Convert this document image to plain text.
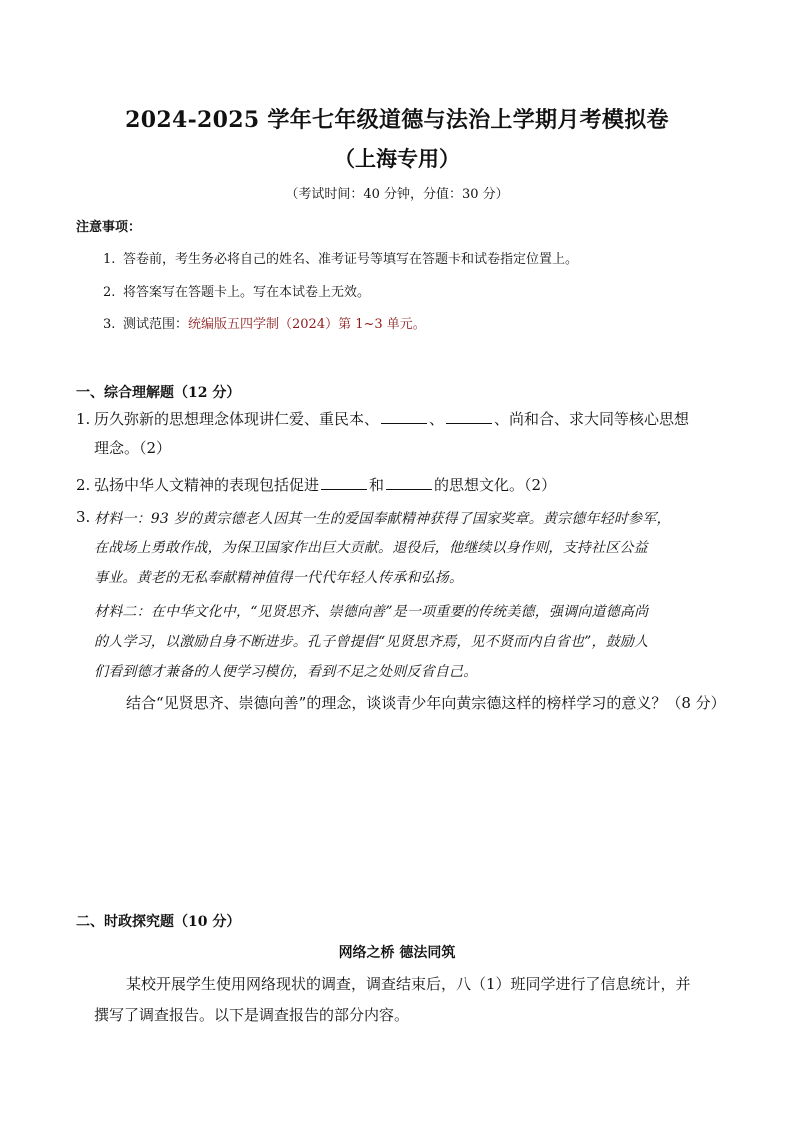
2024-2025 学年七年级道德与法治上学期月考模拟卷
（上海专用）
（考试时间：40 分钟，分值：30 分）
注意事项：
1. 答卷前，考生务必将自己的姓名、准考证号等填写在答题卡和试卷指定位置上。
2. 将答案写在答题卡上。写在本试卷上无效。
3. 测试范围：统编版五四学制（2024）第 1~3 单元。
一、综合理解题（12 分）
1. 历久弥新的思想理念体现讲仁爱、重民本、	、	、尚和合、求大同等核心思想
理念。（2）
2. 弘扬中华人文精神的表现包括促进	和	的思想文化。（2）
3. 材料一：93 岁的黄宗德老人因其一生的爱国奉献精神获得了国家奖章。黄宗德年轻时参军，
在战场上勇敢作战，为保卫国家作出巨大贡献。退役后，他继续以身作则，支持社区公益
事业。黄老的无私奉献精神值得一代代年轻人传承和弘扬。
材料二：在中华文化中，“见贤思齐、崇德向善”是一项重要的传统美德，强调向道德高尚
的人学习，以激励自身不断进步。孔子曾提倡“见贤思齐焉，见不贤而内自省也”，鼓励人
们看到德才兼备的人便学习模仿，看到不足之处则反省自己。
结合“见贤思齐、崇德向善”的理念，谈谈青少年向黄宗德这样的榜样学习的意义？（8 分）
二、时政探究题（10 分）
网络之桥 德法同筑
某校开展学生使用网络现状的调查，调查结束后，八（1）班同学进行了信息统计，并
撰写了调查报告。以下是调查报告的部分内容。
